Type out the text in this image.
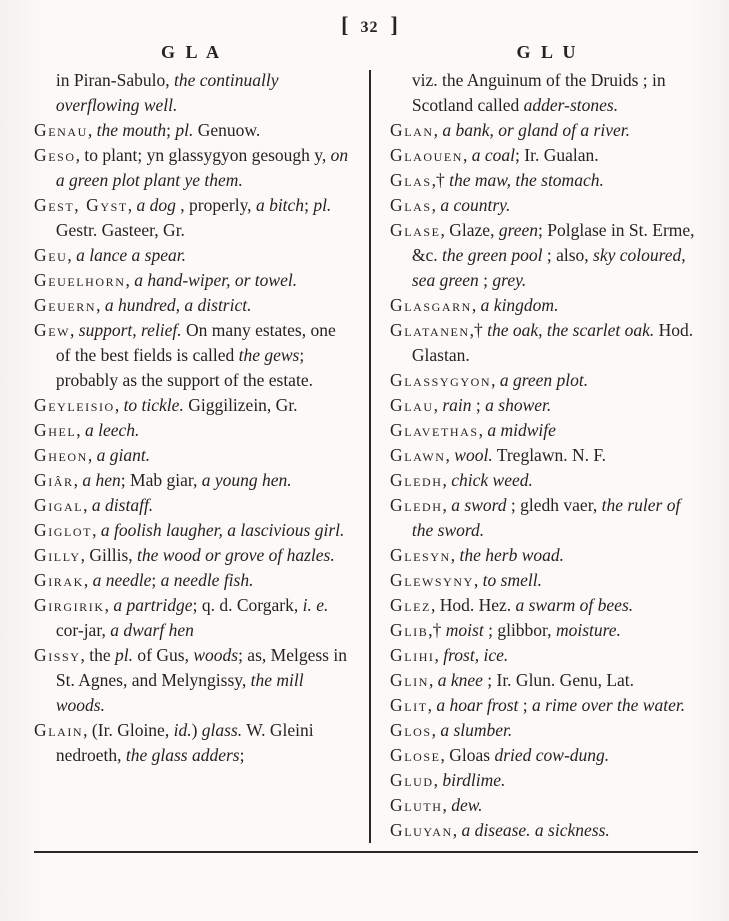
[ 32 ]
G L A	G L U

in Piran-Sabulo, the continually overflowing well.

Genau, the mouth; pl. Genuow.

Geso, to plant; yn glassygyon gesough y, on a green plot plant ye them.

Gest, Gyst, a dog , properly, a bitch; pl. Gestr. Gasteer, Gr.

Geu, a lance a spear.

Geuelhorn, a hand-wiper, or towel.

Geuern, a hundred, a district.

Gew, support, relief. On many estates, one of the best fields is called the gews; probably as the support of the estate.

Geyleisio, to tickle. Giggilizein, Gr.

Ghel, a leech.

Gheon, a giant.

Giâr, a hen; Mab giar, a young hen.

Gigal, a distaff.

Giglot, a foolish laugher, a lascivious girl.

Gilly, Gillis, the wood or grove of hazles.

Girak, a needle; a needle fish.

Girgirik, a partridge; q. d. Corgark, i. e. cor-jar, a dwarf hen

Gissy, the pl. of Gus, woods; as, Melgess in St. Agnes, and Melyngissy, the mill woods.

Glain, (Ir. Gloine, id.) glass. W. Gleini nedroeth, the glass adders;

viz. the Anguinum of the Druids ; in Scotland called adder-stones.

Glan, a bank, or gland of a river.

Glaouen, a coal; Ir. Gualan.

Glas,† the maw, the stomach.

Glas, a country.

Glase, Glaze, green; Polglase in St. Erme, &c. the green pool ; also, sky coloured, sea green ; grey.

Glasgarn, a kingdom.

Glatanen,† the oak, the scarlet oak. Hod. Glastan.

Glassygyon, a green plot.

Glau, rain ; a shower.

Glavethas, a midwife

Glawn, wool. Treglawn. N. F.

Gledh, chick weed.

Gledh, a sword ; gledh vaer, the ruler of the sword.

Glesyn, the herb woad.

Glewsyny, to smell.

Glez, Hod. Hez. a swarm of bees.

Glib,† moist ; glibbor, moisture.

Glihi, frost, ice.

Glin, a knee ; Ir. Glun. Genu, Lat.

Glit, a hoar frost ; a rime over the water.

Glos, a slumber.

Glose, Gloas dried cow-dung.

Glud, birdlime.

Gluth, dew.

Gluyan, a disease. a sickness.
